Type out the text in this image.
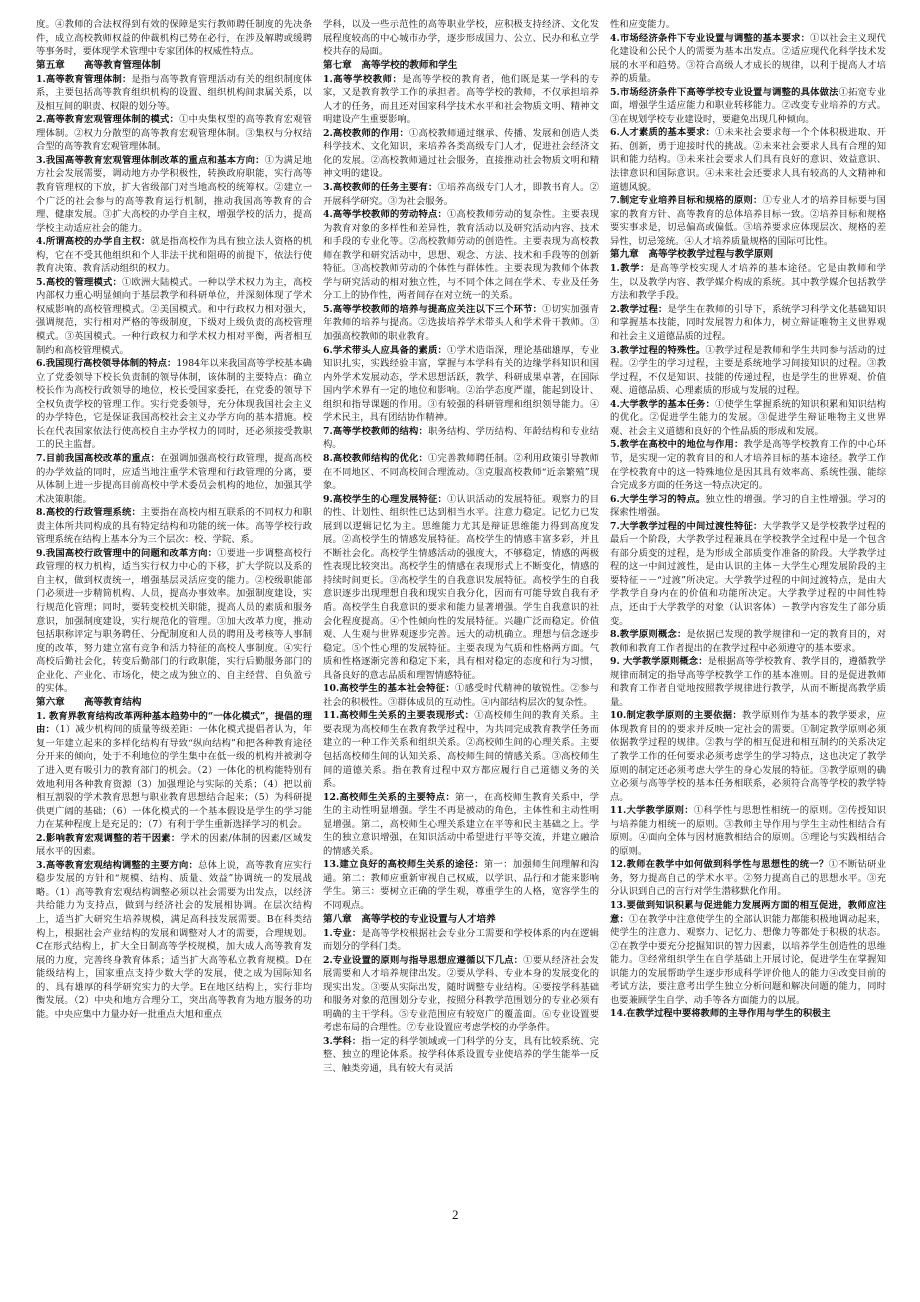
度。④教师的合法权得到有效的保障是实行教师聘任制度的先决条件，成立高校教师权益的仲裁机构已势在必行，在涉及解聘或缓聘等事务时，要体现学术管理中专家团体的权威性特点。

第五章　　高等教育管理体制

1.高等教育管理体制：是指与高等教育管理活动有关的组织制度体系，主要包括高等教育组织机构的设置、组织机构间隶属关系，以及相互间的职责、权限的划分等。

2.高等教育宏观管理体制的模式：①中央集权型的高等教育宏观管理体制。②权力分散型的高等教育宏观管理体制。③集权与分权结合型的高等教育宏观管理体制。

3.我国高等教育宏观管理体制改革的重点和基本方向：①为满足地方社会发展需要，调动地方办学积极性，转换政府职能，实行高等教育管理权的下放，扩大省级部门对当地高校的统筹权。②建立一个广泛的社会参与的高等教育运行机制，推动我国高等教育的合理、健康发展。③扩大高校的办学自主权，增强学校的活力，提高学校主动适应社会的能力。

4.所谓高校的办学自主权：就是指高校作为具有独立法人资格的机构，它在不受其他组织和个人非法干扰和阻碍的前提下，依法行使教育决策、教育活动组织的权力。

5.高校的管理模式：①欧洲大陆模式。一种以学术权力为主，高校内部权力重心明显倾向于基层教学和科研单位，并深刻体现了学术权威影响的高校管理模式。②美国模式。和中行政权力相对强大，强调规范，实行相对严格的等级制度，下级对上级负责的高校管理模式。③英国模式。一种行政权力和学术权力相对平衡，两者相互制约和高校管理模式。

6.我国现行高校领导体制的特点：1984年以来我国高等学校基本确立了党委领导下校长负责制的领导体制，该体制的主要特点：确立校长作为高校行政领导的地位，校长受国家委托，在党委的领导下全权负责学校的管理工作。实行党委领导，充分体现我国社会主义的办学特色，它是保证我国高校社会主义办学方向的基本措施。校长在代表国家依法行使高校自主办学权力的同时，还必须接受教职工的民主监督。

7.目前我国高校改革的重点：在强调加强高校行政管理，提高高校的办学效益的同时，应适当地注重学术管理和行政管理的分离，要从体制上进一步提高目前高校中学术委员会机构的地位，加强其学术决策职能。

8.高校的行政管理系统：主要指在高校内相互联系的不同权力和职责主体所共同构成的具有特定结构和功能的统一体。高等学校行政管理系统在结构上基本分为三个层次：校、学院、系。

9.我国高校行政管理中的问题和改革方向：①要进一步调整高校行政管理的权力机构，适当实行权力中心的下移，扩大学院以及系的自主权，做到权责统一，增强基层灵活应变的能力。②校级职能部门必须进一步精简机构、人员，提高办事效率。加强制度建设，实行规范化管理；同时，要转变校机关职能，提高人员的素质和服务意识，加强制度建设，实行规范化的管理。③加大改革力度，推动包括职称评定与职务聘任、分配制度和人员的聘用及考核等人事制度的改革，努力建立富有竞争和活力特征的高校人事制度。④实行高校后勤社会化，转变后勤部门的行政职能，实行后勤服务部门的企业化、产业化、市场化，使之成为独立的、自主经营、自负盈亏的实体。

第六章　　高等教育结构

1. 教育界教育结构改革两种基本趋势中的“一体化模式”，提倡的理由：（1）减少机构间的质量等级差距：一体化模式提倡者认为，年复一年建立起来的多样化结构有导致“纵向结构”和把各种教育途径分开来的倾向，处于不利地位的学生集中在低一级的机构并被剥夺了进入更有吸引力的教育部门的机会。（2）一体化的机构能特别有效地利用各种教育资源（3）加强理论与实际的关系；（4）把以前相互割裂的学术教育思想与职业教育思想结合起来；（5）为科研提供更广阔的基础；（6）一体化模式的一个基本假设是学生的学习能力在某种程度上是充足的；（7）有利于学生重新选择学习的机会。

2.影响教育宏观调整的若干因素：学术的因素/体制的因素/区域发展水平的因素。

3.高等教育宏观结构调整的主要方向：总体上说，高等教育应实行稳步发展的方针和“规模、结构、质量、效益”协调统一的发展战略。（1）高等教育宏观结构调整必须以社会需要为出发点，以经济共给能力为支持点，做到与经济社会的发展相协调。在层次结构上，适当扩大研究生培养规模，满足高科技发展需要。B在科类结构上，根据社会产业结构的发展和调整对人才的需要，合理规划。C在形式结构上，扩大全日制高等学校规模，加大成人高等教育发展的力度，完善终身教育体系；适当扩大高等私立教育规模。D在能级结构上，国家重点支持少数大学的发展，使之成为国际知名的、具有雄厚的科学研究实力的大学。E在地区结构上，实行非均衡发展。（2）中央和地方合理分工，突出高等教育为地方服务的功能。中央应集中力量办好一批重点大旭和重点

学科，以及一些示范性的高等职业学校，应积极支持经济、文化发展程度较高的中心城市办学，逐步形成国力、公立、民办和私立学校共存的局面。

第七章　高等学校的教师和学生

1.高等学校教师：是高等学校的教育者，他们既是某一学科的专家，又是教育教学工作的承担者。高等学校的教师，不仅承担培养人才的任务，而且还对国家科学技术水平和社会物质文明、精神文明建设产生重要影响。

2.高校教师的作用：①高校教师通过继承、传播、发展和创造人类科学技术、文化知识，来培养各类高级专门人才，促进社会经济文化的发展。②高校教师通过社会服务，直接推动社会物质文明和精神文明的建设。

3.高校教师的任务主要有：①培养高级专门人才，即教书育人。②开展科学研究。③为社会服务。

4.高等学校教师的劳动特点：①高校教师劳动的复杂性。主要表现为教育对象的多样性和差异性，教育活动以及研究活动内容、技术和手段的专业化等。②高校教师劳动的创造性。主要表现为高校教师在教学和研究活动中，思想、观念、方法、技术和手段等的创新特征。③高校教师劳动的个体性与群体性。主要表现为教师个体教学与研究活动的相对独立性，与不同个体之间在学术、专业及任务分工上的协作性，两者间存在对立统一的关系。

5.高等学校教师的培养与提高应关注以下三个环节：①切实加强青年教师的培养与提高。②选拔培养学术带头人和学术骨干教师。③加强高校教师的职业教育。

6.学术带头人应具备的素质：①学术造诣深，理论基础雄厚，专业知识扎实，实践经验丰富，掌握与本学科有关的边缘学科知识和国内外学术发展动态，学术思想活跃，教学、科研成果卓著，在国际国内学术界有一定的地位和影响。②治学态度严谨，能起到设计、组织和指导课题的作用。③有较强的科研管理和组织领导能力。④学术民主，具有团结协作精神。

7.高等学校教师的结构：职务结构、学历结构、年龄结构和专业结构。

8.高校教师结构的优化：①完善教师聘任制。②利用政策引导教师在不同地区、不同高校间合理流动。③克服高校教师“近亲繁殖”现象。

9.高校学生的心理发展特征：①认识活动的发展特征。观察力的目的性、计划性、组织性已达到相当水平。注意力稳定。记忆力已发展到以逻辑记忆为主。思维能力尤其是辩证思维能力得到高度发展。②高校学生的情感发展特征。高校学生的情感丰富多彩，并且不断社会化。高校学生情感活动的强度大，不够稳定，情感的两极性表现比较突出。高校学生的情感在表现形式上不断变化，情感的持续时间更长。③高校学生的自我意识发展特征。高校学生的自我意识逐步出现理想自我和现实自我分化，因而有可能导致自我有矛盾。高校学生自我意识的要求和能力显著增强。学生自我意识的社会化程度提高。④个性倾向性的发展特征。兴趣广泛而稳定。价值观、人生观与世界观逐步完善。远大的动机确立。理想与信念逐步稳定。⑤个性心理的发展特征。主要表现为气质和性格两方面。气质和性格逐渐完善和稳定下来，具有相对稳定的态度和行为习惯，具备良好的意志品质和理智情感特征。

10.高校学生的基本社会特征：①感受时代精神的敏锐性。②参与社会的积极性。③群体成员的互动性。④内部结构层次的复杂性。

11.高校师生关系的主要表现形式：①高校师生间的教育关系。主要表现为高校师生在教育教学过程中，为共同完成教育教学任务而建立的一种工作关系和组织关系。②高校师生间的心理关系。主要包括高校师生间的认知关系、高校师生间的情感关系。③高校师生间的道德关系。指在教育过程中双方都应履行自己道德义务的关系。

12.高校师生关系的主要特点：第一，在高校师生教育关系中，学生的主动性明显增强。学生不再是被动的角色，主体性和主动性明显增强。第二，高校师生心理关系建立在平等和民主基础之上。学生的独立意识增强，在知识活动中希望进行平等交流，并建立融洽的情感关系。

13.建立良好的高校师生关系的途径：第一：加强师生间理解和沟通。第二：教师应重新审视自己权威，以学识、品行和才能来影响学生。第三：要树立正确的学生观，尊重学生的人格，宽容学生的不同观点。

第八章　高等学校的专业设置与人才培养

1.专业：是高等学校根据社会专业分工需要和学校体系的内在逻辑而划分的学科门类。

2.专业设置的原则与指导思想应遵循以下几点：①要从经济社会发展需要和人才培养规律出发。②要从学科、专业本身的发展变化的现实出发。③要从实际出发，随时调整专业结构。④要按学科基础和服务对象的范围划分专业，按照分科教学范围划分的专业必须有明确的主干学科。⑤专业范围应有较宽广的覆盖面。⑥专业设置要考虑布局的合理性。⑦专业设置应考虑学校的办学条件。

3.学科：指一定的科学领域或一门科学的分支，具有比较系统、完整、独立的理论体系。按学科体系设置专业使培养的学生能举一反三、触类旁通，具有较大有灵活

性和应变能力。

4.市场经济条件下专业设置与调整的基本要求：①以社会主义现代化建设和公民个人的需要为基本出发点。②适应现代化科学技术发展的水平和趋势。③符合高级人才成长的规律，以利于提高人才培养的质量。

5.市场经济条件下高等学校专业设置与调整的具体做法①拓宽专业面，增强学生适应能力和职业转移能力。②改变专业培养的方式。③在规划学校专业建设时，要避免出现几种倾向。

6.人才素质的基本要求：①未来社会要求每一个个体积极进取、开拓、创新，勇于迎接时代的挑战。②未来社会要求人具有合理的知识和能力结构。③未来社会要求人们具有良好的意识、效益意识、法律意识和国际意识。④未来社会还要求人具有较高的人文精神和道德风貌。

7.制定专业培养目标和规格的原则：①专业人才的培养目标要与国家的教育方针、高等教育的总体培养目标一致。②培养目标和规格要实事求是，切忌偏高或偏低。③培养要求应体现层次、规格的差异性，切忌笼统。④人才培养质量规格的国际可比性。

第九章　高等学校教学过程与教学原则

1.教学：是高等学校实现人才培养的基本途径。它是由教师和学生，以及教学内容、教学媒介构成的系统。其中教学媒介包括教学方法和教学手段。

2.教学过程：是学生在教师的引导下，系统学习科学文化基础知识和掌握基本技能，同时发展智力和体力，树立辩证唯物主义世界观和社会主义道德品质的过程。

3.教学过程的特殊性。①教学过程是教师和学生共同参与活动的过程。②学生的学习过程，主要是系统地学习间接知识的过程。③教学过程，不仅是知识、技能的传递过程，也是学生的世界观、价值观、道德品质、心理素质的形成与发展的过程。

4.大学教学的基本任务：①使学生掌握系统的知识积累和知识结构的优化。②促进学生能力的发展。③促进学生辩证唯物主义世界观、社会主义道德和良好的个性品质的形成和发展。

5.教学在高校中的地位与作用：教学是高等学校教育工作的中心环节，是实现一定的教育目的和人才培养目标的基本途径。教学工作在学校教育中的这一特殊地位是因其具有效率高、系统性强、能综合完成多方面的任务这一特点决定的。

6.大学生学习的特点。独立性的增强。学习的自主性增强。学习的探索性增强。

7.大学教学过程的中间过渡性特征：大学教学又是学校教学过程的最后一个阶段，大学教学过程兼具在学校教学全过程中是一个包含有部分质变的过程，是为形成全部质变作准备的阶段。大学教学过程的这一中间过渡性，是由认识的主体－大学生心理发展阶段的主要特征－－“过渡”所决定。大学教学过程的中间过渡特点，是由大学教学自身内在的价值和功能所决定。大学教学过程的中间性特点，还由于大学教学的对象（认识客体）－教学内容发生了部分质变。

8.教学原则概念：是依据已发现的教学规律和一定的教育目的，对教师和教育工作者提出的在教学过程中必须遵守的基本要求。

9. 大学教学原则概念：是根据高等学校教育、教学目的，遵循教学规律而制定的指导高等学校教学工作的基本准则。目的是促进教师和教育工作者自觉地按照教学规律进行教学，从而不断提高教学质量。

10.制定教学原则的主要依据：教学原则作为基本的教学要求，应体现教育目的的要求并反映一定社会的需要。①制定教学原则必须依据教学过程的规律。②教与学的相互促进和相互制约的关系决定了教学工作的任何要求必须考虑学生的学习特点，这也决定了教学原则的制定还必须考虑大学生的身心发展的特征。③教学原则的确立必须与高等学校的基本任务相联系，必须符合高等学校的教学特点。

11.大学教学原则：①科学性与思想性相统一的原则。②传授知识与培养能力相统一的原则。③教师主导作用与学生主动性相结合有原则。④面向全体与因材施教相结合的原则。⑤理论与实践相结合的原则。

12.教师在教学中如何做到科学性与思想性的统一？①不断钻研业务，努力提高自己的学术水平。②努力提高自己的思想水平。③充分认识到自己的言行对学生潜移默化作用。

13.要做到知识积累与促进能力发展两方面的相互促进，教师应注意：①在教学中注意使学生的全部认识能力都能积极地调动起来，使学生的注意力、观察力、记忆力、想像力等都处于积极的状态。②在教学中要充分挖掘知识的智力因素，以培养学生创造性的思维能力。③经常组织学生在自学基础上开展讨论，促进学生在掌握知识能力的发展帮助学生逐步形成科学评价他人的能力④改变目前的考试方法，要注意考出学生独立分析问题和解决问题的能力，同时也要兼顾学生自学、动手等各方面能力的以展。

14.在教学过程中要将教师的主导作用与学生的积极主

2
